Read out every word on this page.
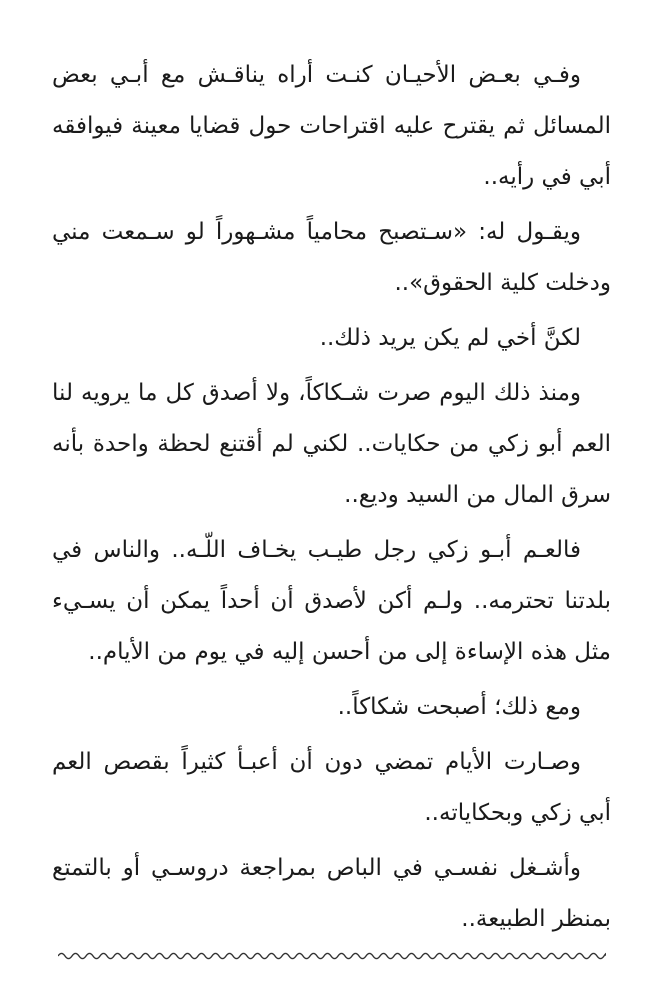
وفـي بعـض الأحيـان كنـت أراه يناقـش مع أبـي بعض المسائل ثم يقترح عليه اقتراحات حول قضايا معينة فيوافقه أبي في رأيه..

ويقـول له: «سـتصبح محامياً مشـهوراً لو سـمعت مني ودخلت كلية الحقوق»..

لكنَّ أخي لم يكن يريد ذلك..

ومنذ ذلك اليوم صرت شـكاكاً، ولا أصدق كل ما يرويه لنا العم أبو زكي من حكايات.. لكني لم أقتنع لحظة واحدة بأنه سرق المال من السيد وديع..

فالعـم أبـو زكي رجل طيـب يخـاف اللّـه.. والناس في بلدتنا تحترمه.. ولـم أكن لأصدق أن أحداً يمكن أن يسـيء مثل هذه الإساءة إلى من أحسن إليه في يوم من الأيام..

ومع ذلك؛ أصبحت شكاكاً..

وصـارت الأيام تمضي دون أن أعبـأ كثيراً بقصص العم أبي زكي وبحكاياته..

وأشـغل نفسـي في الباص بمراجعة دروسـي أو بالتمتع بمنظر الطبيعة..
